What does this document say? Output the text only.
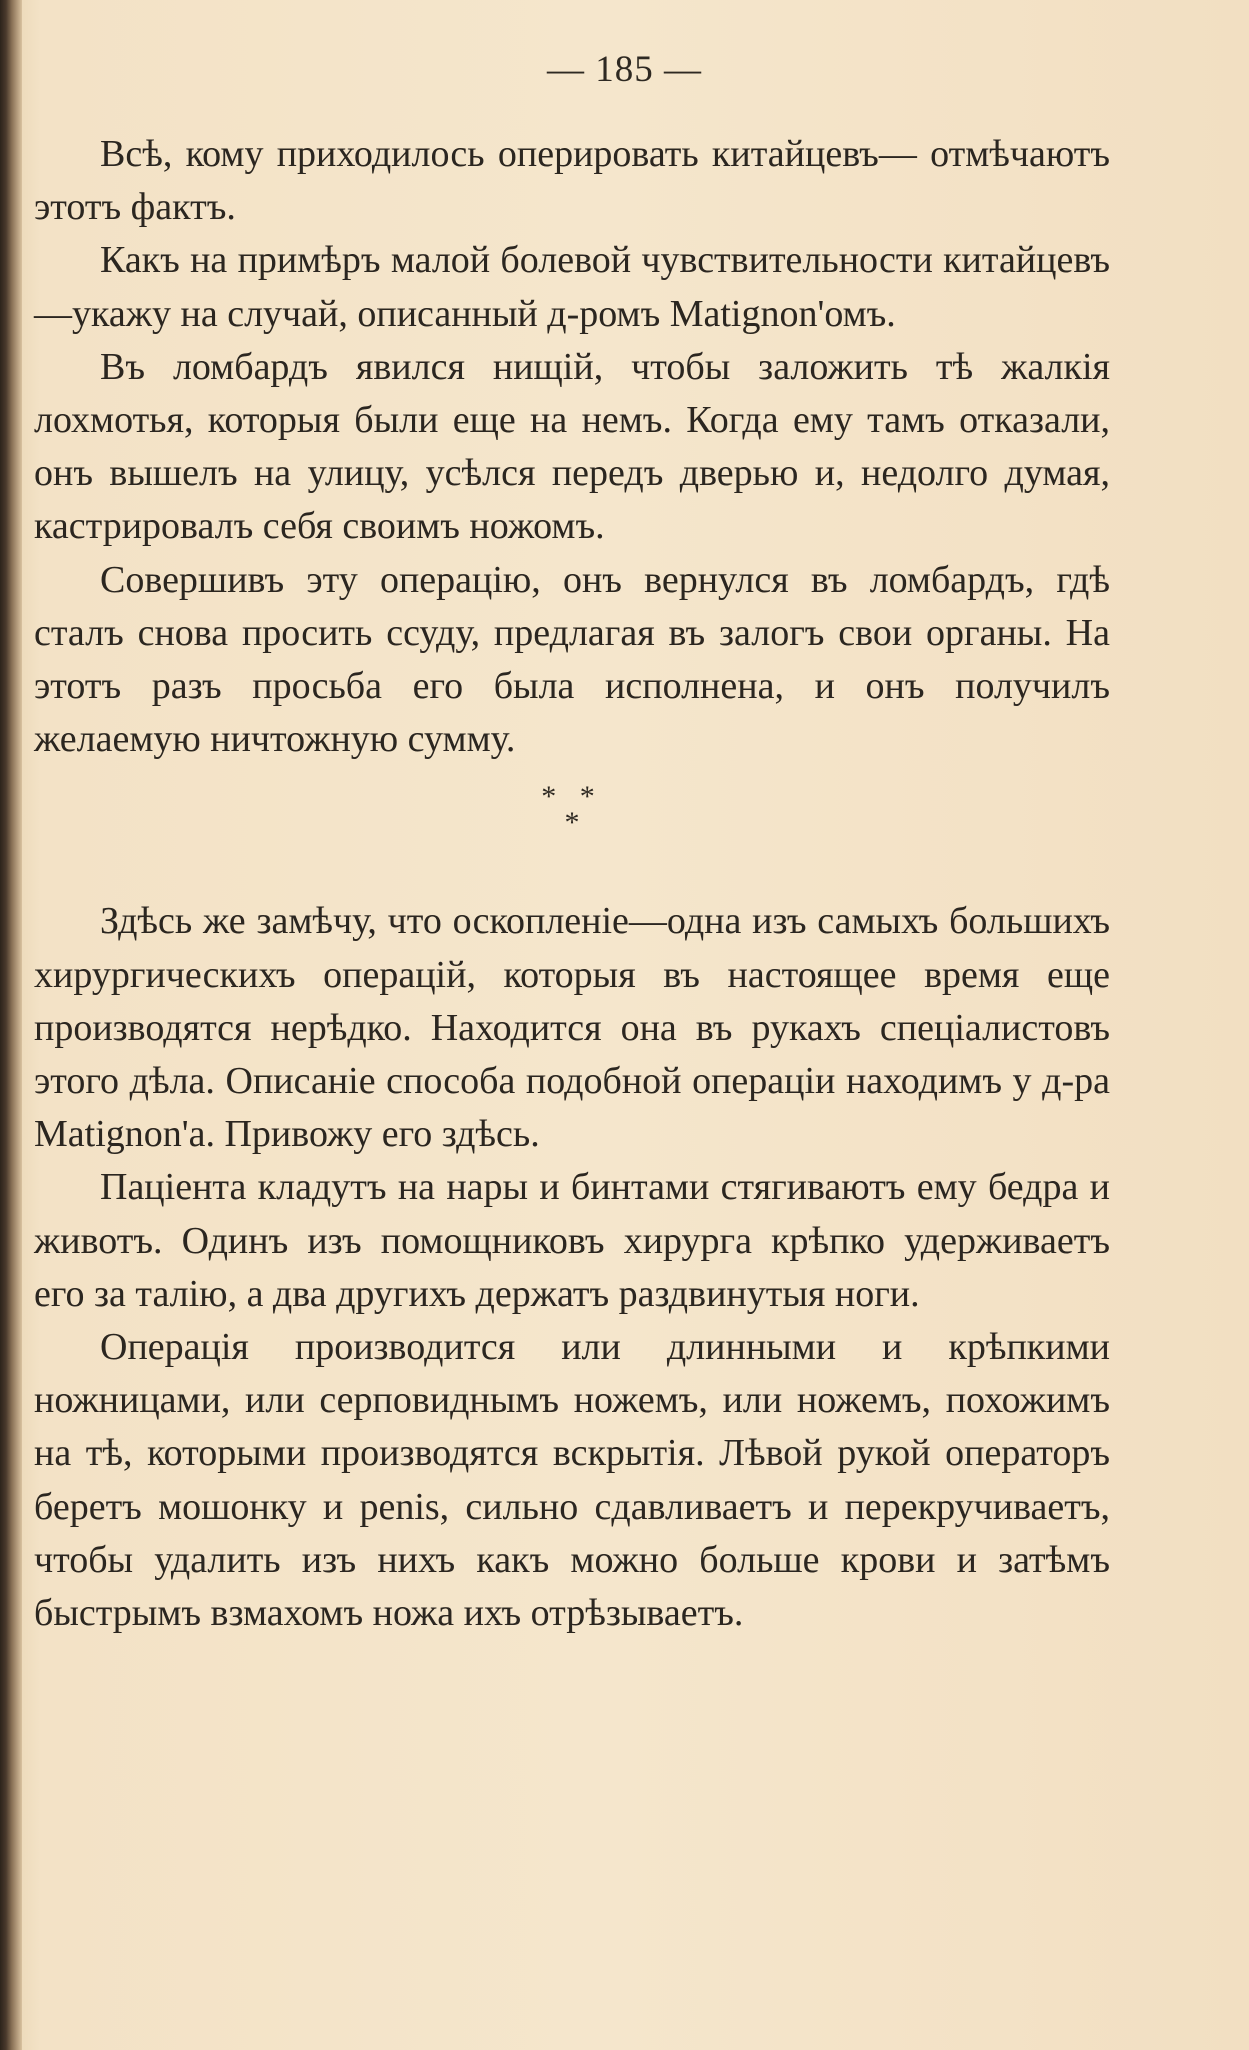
— 185 —

Всѣ, кому приходилось оперировать китайцевъ— отмѣчаютъ этотъ фактъ.

Какъ на примѣръ малой болевой чувствительности китайцевъ—укажу на случай, описанный д-ромъ Matignon'омъ.

Въ ломбардъ явился нищiй, чтобы заложить тѣ жалкiя лохмотья, которыя были еще на немъ. Когда ему тамъ отказали, онъ вышелъ на улицу, усѣлся передъ дверью и, недолго думая, кастрировалъ себя своимъ ножомъ.

Совершивъ эту операцiю, онъ вернулся въ ломбардъ, гдѣ сталъ снова просить ссуду, предлагая въ залогъ свои органы. На этотъ разъ просьба его была исполнена, и онъ получилъ желаемую ничтожную сумму.

* *
*

Здѣсь же замѣчу, что оскопленiе—одна изъ самыхъ большихъ хирургическихъ операцiй, которыя въ настоящее время еще производятся нерѣдко. Находится она въ рукахъ спецiалистовъ этого дѣла. Описанiе способа подобной операцiи находимъ у д-ра Matignon'а. Привожу его здѣсь.

Пацiента кладутъ на нары и бинтами стягиваютъ ему бедра и животъ. Одинъ изъ помощниковъ хирурга крѣпко удерживаетъ его за талiю, а два другихъ держатъ раздвинутыя ноги.

Операцiя производится или длинными и крѣпкими ножницами, или серповиднымъ ножемъ, или ножемъ, похожимъ на тѣ, которыми производятся вскрытiя. Лѣвой рукой операторъ беретъ мошонку и penis, сильно сдавливаетъ и перекручиваетъ, чтобы удалить изъ нихъ какъ можно больше крови и затѣмъ быстрымъ взмахомъ ножа ихъ отрѣзываетъ.
